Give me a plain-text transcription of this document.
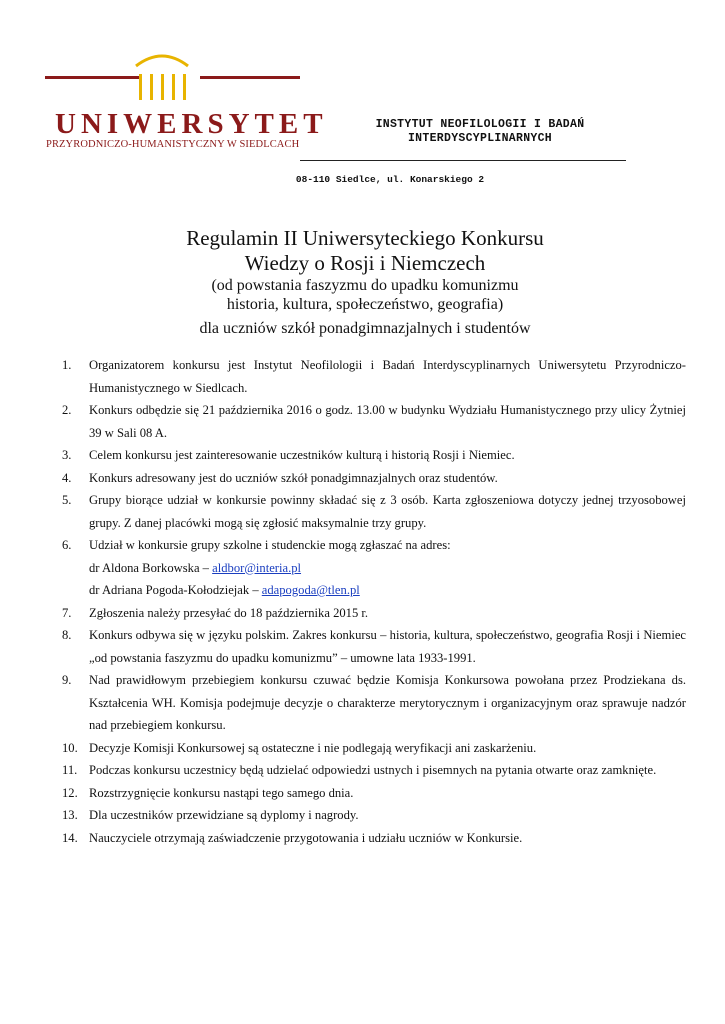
UNIWERSYTET
PRZYRODNICZO-HUMANISTYCZNY W SIEDLCACH
INSTYTUT NEOFILOLOGII I BADAŃ
INTERDYSCYPLINARNYCH
08-110 Siedlce, ul. Konarskiego 2
Regulamin II Uniwersyteckiego Konkursu
Wiedzy o Rosji i Niemczech
(od powstania faszyzmu do upadku komunizmu
historia, kultura, społeczeństwo, geografia)
dla uczniów szkół ponadgimnazjalnych i studentów
1. Organizatorem konkursu jest Instytut Neofilologii i Badań Interdyscyplinarnych Uniwersytetu Przyrodniczo-Humanistycznego w Siedlcach.
2. Konkurs odbędzie się 21 października 2016 o godz. 13.00 w budynku Wydziału Humanistycznego przy ulicy Żytniej 39 w Sali 08 A.
3. Celem konkursu jest zainteresowanie uczestników kulturą i historią Rosji i Niemiec.
4. Konkurs adresowany jest do uczniów szkół ponadgimnazjalnych oraz studentów.
5. Grupy biorące udział w konkursie powinny składać się z 3 osób. Karta zgłoszeniowa dotyczy jednej trzyosobowej grupy. Z danej placówki mogą się zgłosić maksymalnie trzy grupy.
6. Udział w konkursie grupy szkolne i studenckie mogą zgłaszać na adres:
dr Aldona Borkowska – aldbor@interia.pl
dr Adriana Pogoda-Kołodziejak – adapogoda@tlen.pl
7. Zgłoszenia należy przesyłać do 18 października 2015 r.
8. Konkurs odbywa się w języku polskim. Zakres konkursu – historia, kultura, społeczeństwo, geografia Rosji i Niemiec „od powstania faszyzmu do upadku komunizmu” – umowne lata 1933-1991.
9. Nad prawidłowym przebiegiem konkursu czuwać będzie Komisja Konkursowa powołana przez Prodziekana ds. Kształcenia WH. Komisja podejmuje decyzje o charakterze merytorycznym i organizacyjnym oraz sprawuje nadzór nad przebiegiem konkursu.
10. Decyzje Komisji Konkursowej są ostateczne i nie podlegają weryfikacji ani zaskarżeniu.
11. Podczas konkursu uczestnicy będą udzielać odpowiedzi ustnych i pisemnych na pytania otwarte oraz zamknięte.
12. Rozstrzygnięcie konkursu nastąpi tego samego dnia.
13. Dla uczestników przewidziane są dyplomy i nagrody.
14. Nauczyciele otrzymają zaświadczenie przygotowania i udziału uczniów w Konkursie.
